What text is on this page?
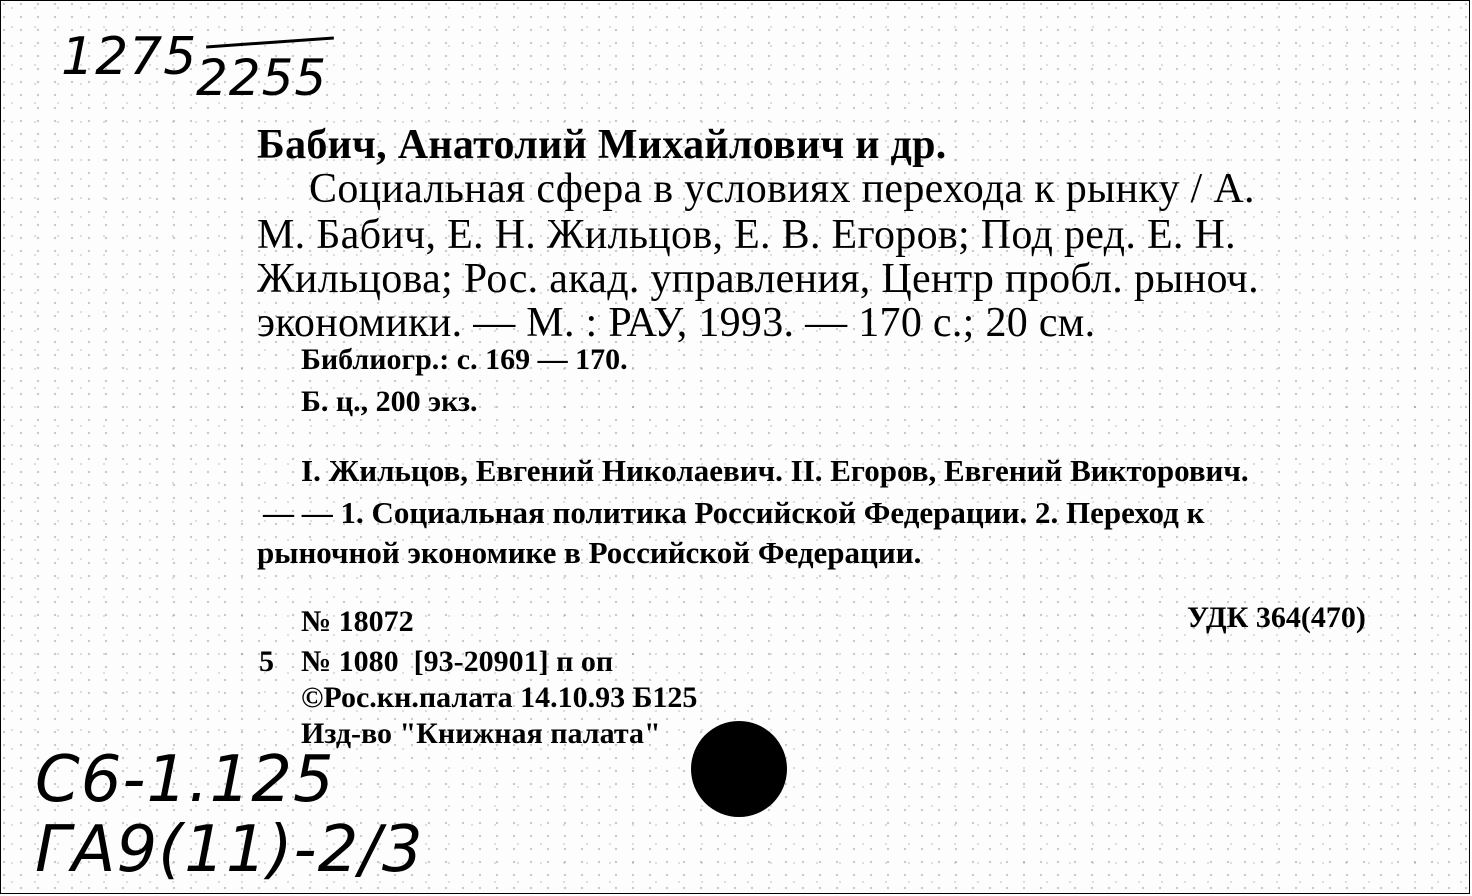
1275
2255
Бабич, Анатолий Михайлович и др.
Социальная сфера в условиях перехода к рынку / А.
М. Бабич, Е. Н. Жильцов, Е. В. Егоров; Под ред. Е. Н.
Жильцова; Рос. акад. управления, Центр пробл. рыноч.
экономики. — М. : РАУ, 1993. — 170 с.; 20 см.
Библиогр.: с. 169 — 170.
Б. ц., 200 экз.
I. Жильцов, Евгений Николаевич. II. Егоров, Евгений Викторович.
— — 1. Социальная политика Российской Федерации. 2. Переход к
рыночной экономике в Российской Федерации.
№ 18072	УДК 364(470)
5 № 1080  [93-20901] п оп
©Рос.кн.палата 14.10.93 Б125
Изд-во "Книжная палата"
С6-1.125
ГА9(11)-2/3
